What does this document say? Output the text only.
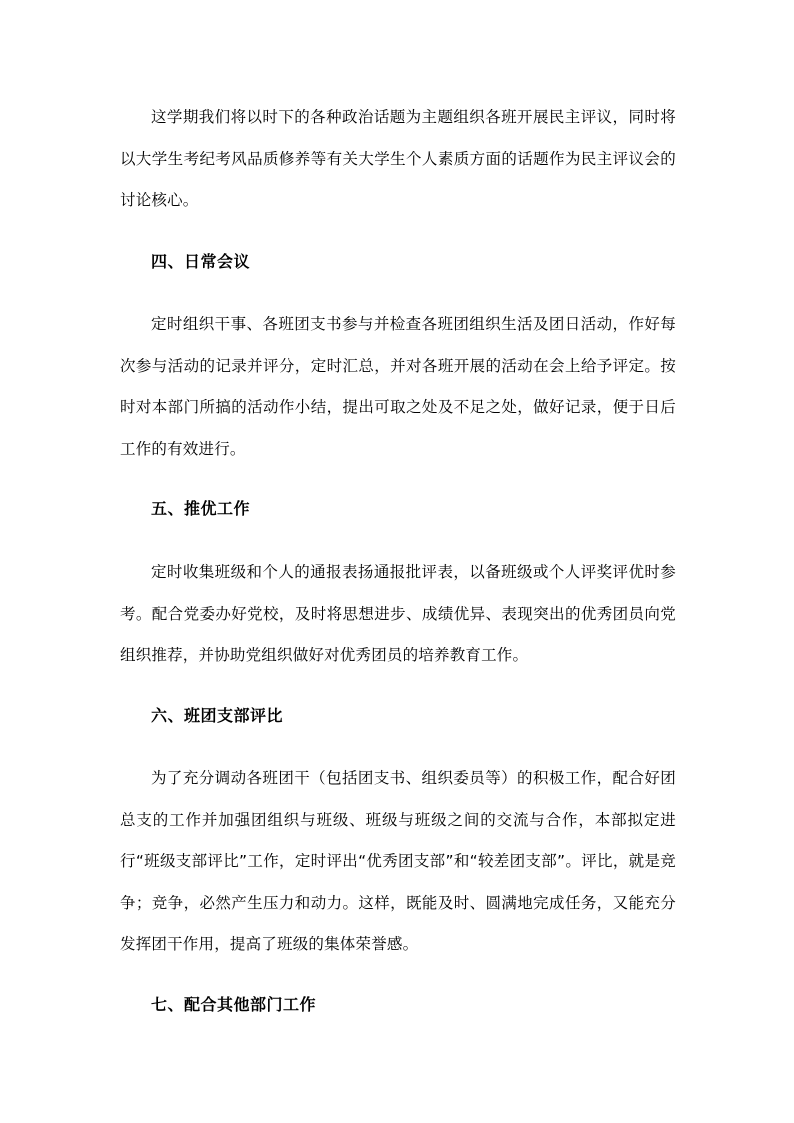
这学期我们将以时下的各种政治话题为主题组织各班开展民主评议，同时将以大学生考纪考风品质修养等有关大学生个人素质方面的话题作为民主评议会的讨论核心。

四、日常会议

定时组织干事、各班团支书参与并检查各班团组织生活及团日活动，作好每次参与活动的记录并评分，定时汇总，并对各班开展的活动在会上给予评定。按时对本部门所搞的活动作小结，提出可取之处及不足之处，做好记录，便于日后工作的有效进行。

五、推优工作

定时收集班级和个人的通报表扬通报批评表，以备班级或个人评奖评优时参考。配合党委办好党校，及时将思想进步、成绩优异、表现突出的优秀团员向党组织推荐，并协助党组织做好对优秀团员的培养教育工作。

六、班团支部评比

为了充分调动各班团干（包括团支书、组织委员等）的积极工作，配合好团总支的工作并加强团组织与班级、班级与班级之间的交流与合作，本部拟定进行“班级支部评比”工作，定时评出“优秀团支部”和“较差团支部”。评比，就是竞争；竞争，必然产生压力和动力。这样，既能及时、圆满地完成任务，又能充分发挥团干作用，提高了班级的集体荣誉感。

七、配合其他部门工作
